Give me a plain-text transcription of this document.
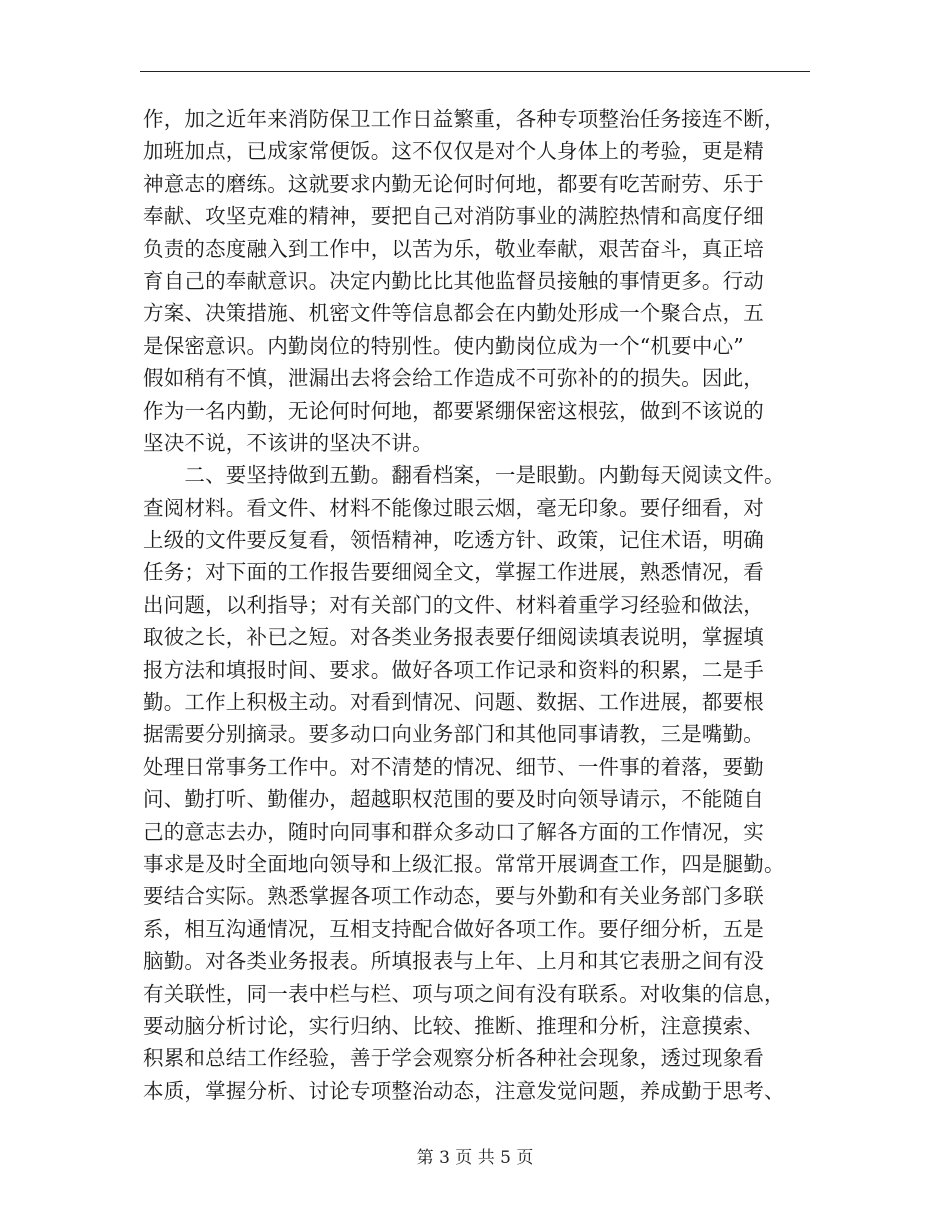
作，加之近年来消防保卫工作日益繁重，各种专项整治任务接连不断，
加班加点，已成家常便饭。这不仅仅是对个人身体上的考验，更是精
神意志的磨练。这就要求内勤无论何时何地，都要有吃苦耐劳、乐于
奉献、攻坚克难的精神，要把自己对消防事业的满腔热情和高度仔细
负责的态度融入到工作中，以苦为乐，敬业奉献，艰苦奋斗，真正培
育自己的奉献意识。决定内勤比比其他监督员接触的事情更多。行动
方案、决策措施、机密文件等信息都会在内勤处形成一个聚合点，五
是保密意识。内勤岗位的特别性。使内勤岗位成为一个“机要中心”
假如稍有不慎，泄漏出去将会给工作造成不可弥补的的损失。因此，
作为一名内勤，无论何时何地，都要紧绷保密这根弦，做到不该说的
坚决不说，不该讲的坚决不讲。
　　二、要坚持做到五勤。翻看档案，一是眼勤。内勤每天阅读文件。
查阅材料。看文件、材料不能像过眼云烟，毫无印象。要仔细看，对
上级的文件要反复看，领悟精神，吃透方针、政策，记住术语，明确
任务；对下面的工作报告要细阅全文，掌握工作进展，熟悉情况，看
出问题，以利指导；对有关部门的文件、材料着重学习经验和做法，
取彼之长，补已之短。对各类业务报表要仔细阅读填表说明，掌握填
报方法和填报时间、要求。做好各项工作记录和资料的积累，二是手
勤。工作上积极主动。对看到情况、问题、数据、工作进展，都要根
据需要分别摘录。要多动口向业务部门和其他同事请教，三是嘴勤。
处理日常事务工作中。对不清楚的情况、细节、一件事的着落，要勤
问、勤打听、勤催办，超越职权范围的要及时向领导请示，不能随自
己的意志去办，随时向同事和群众多动口了解各方面的工作情况，实
事求是及时全面地向领导和上级汇报。常常开展调查工作，四是腿勤。
要结合实际。熟悉掌握各项工作动态，要与外勤和有关业务部门多联
系，相互沟通情况，互相支持配合做好各项工作。要仔细分析，五是
脑勤。对各类业务报表。所填报表与上年、上月和其它表册之间有没
有关联性，同一表中栏与栏、项与项之间有没有联系。对收集的信息，
要动脑分析讨论，实行归纳、比较、推断、推理和分析，注意摸索、
积累和总结工作经验，善于学会观察分析各种社会现象，透过现象看
本质，掌握分析、讨论专项整治动态，注意发觉问题，养成勤于思考、
第 3 页 共 5 页
